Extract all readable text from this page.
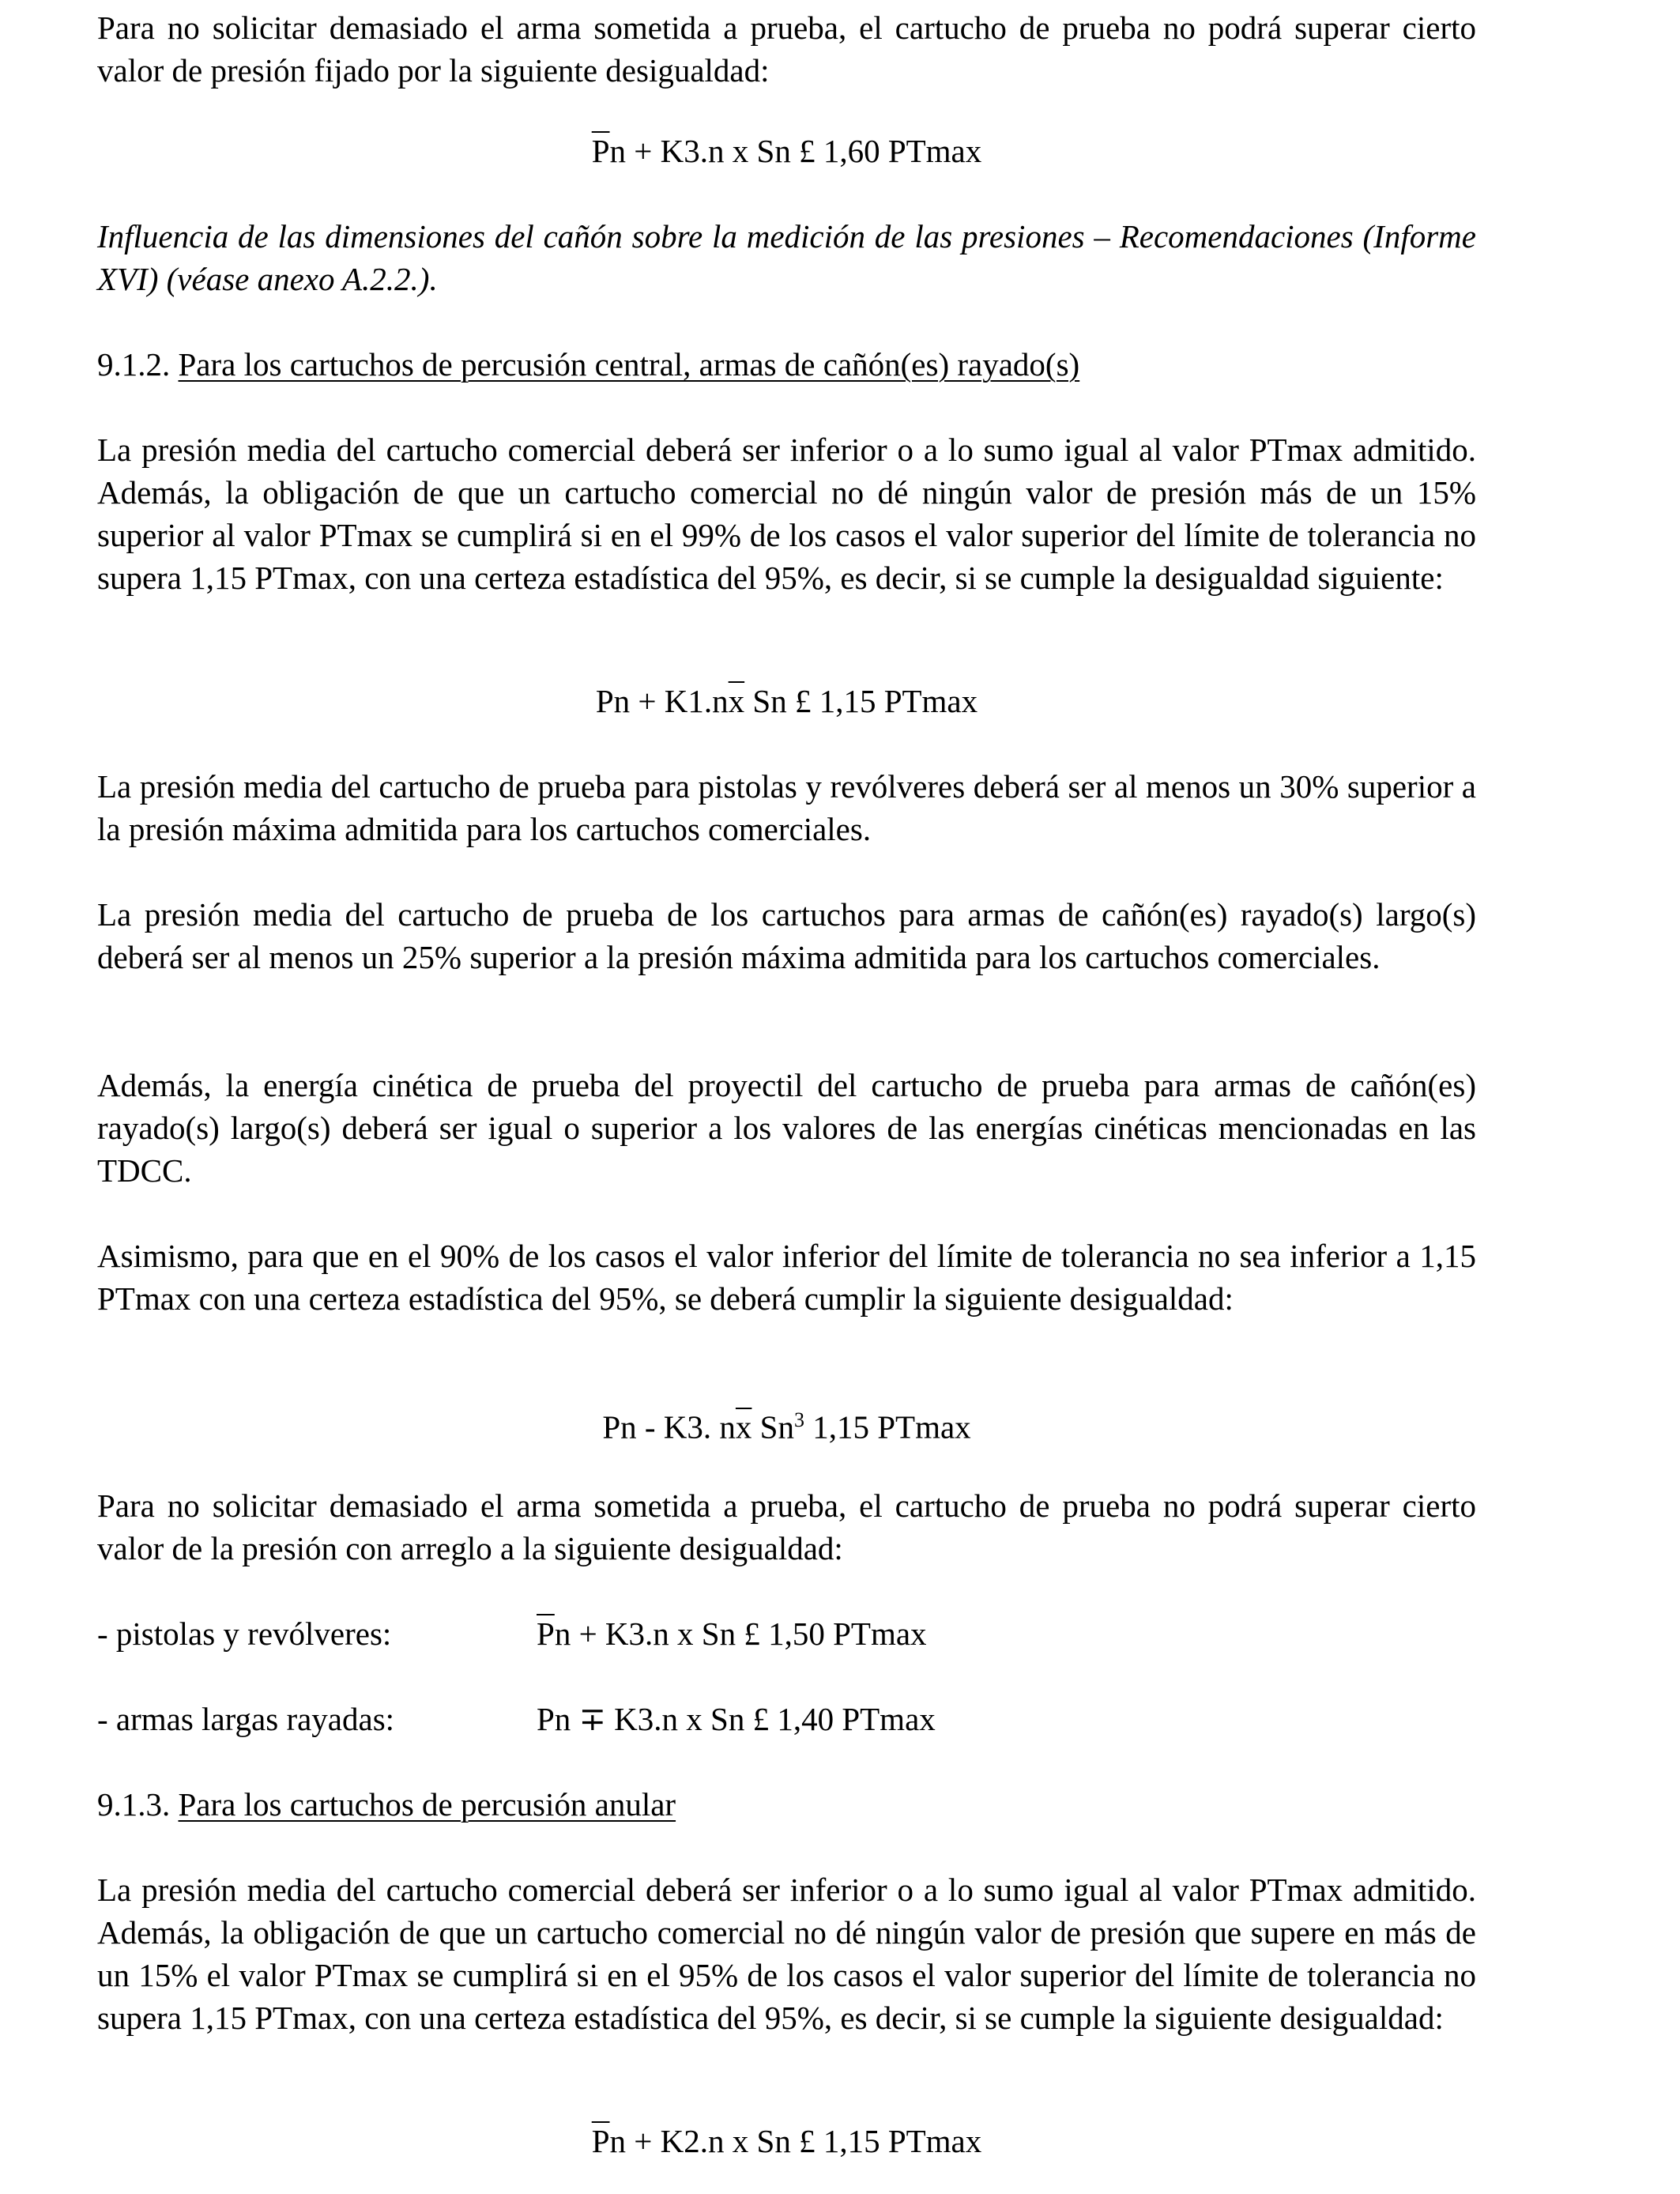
Para no solicitar demasiado el arma sometida a prueba, el cartucho de prueba no podrá superar cierto valor de presión fijado por la siguiente desigualdad:

$\overline{P}n + K3.n$ x Sn £ 1,60 PTmax

Influencia de las dimensiones del cañón sobre la medición de las presiones – Recomendaciones (Informe XVI) (véase anexo A.2.2.).

9.1.2. Para los cartuchos de percusión central, armas de cañón(es) rayado(s)

La presión media del cartucho comercial deberá ser inferior o a lo sumo igual al valor PTmax admitido. Además, la obligación de que un cartucho comercial no dé ningún valor de presión más de un 15% superior al valor PTmax se cumplirá si en el 99% de los casos el valor superior del límite de tolerancia no supera 1,15 PTmax, con una certeza estadística del 95%, es decir, si se cumple la desigualdad siguiente:

$Pn + K1.n\overline{x}$ Sn £ 1,15 PTmax

La presión media del cartucho de prueba para pistolas y revólveres deberá ser al menos un 30% superior a la presión máxima admitida para los cartuchos comerciales.

La presión media del cartucho de prueba de los cartuchos para armas de cañón(es) rayado(s) largo(s) deberá ser al menos un 25% superior a la presión máxima admitida para los cartuchos comerciales.

Además, la energía cinética de prueba del proyectil del cartucho de prueba para armas de cañón(es) rayado(s) largo(s) deberá ser igual o superior a los valores de las energías cinéticas mencionadas en las TDCC.

Asimismo, para que en el 90% de los casos el valor inferior del límite de tolerancia no sea inferior a 1,15 PTmax con una certeza estadística del 95%, se deberá cumplir la siguiente desigualdad:

Pn - K3. $n\overline{x}$ Sn$^3$ 1,15 PTmax

Para no solicitar demasiado el arma sometida a prueba, el cartucho de prueba no podrá superar cierto valor de la presión con arreglo a la siguiente desigualdad:

- pistolas y revólveres:	$\overline{P}n + K3.n$ x Sn £ 1,50 PTmax
- armas largas rayadas:	Pn ∓ K3.n x Sn £ 1,40 PTmax
9.1.3. Para los cartuchos de percusión anular

La presión media del cartucho comercial deberá ser inferior o a lo sumo igual al valor PTmax admitido. Además, la obligación de que un cartucho comercial no dé ningún valor de presión que supere en más de un 15% el valor PTmax se cumplirá si en el 95% de los casos el valor superior del límite de tolerancia no supera 1,15 PTmax, con una certeza estadística del 95%, es decir, si se cumple la siguiente desigualdad:

$\overline{P}n + K2.n$ x Sn £ 1,15 PTmax
